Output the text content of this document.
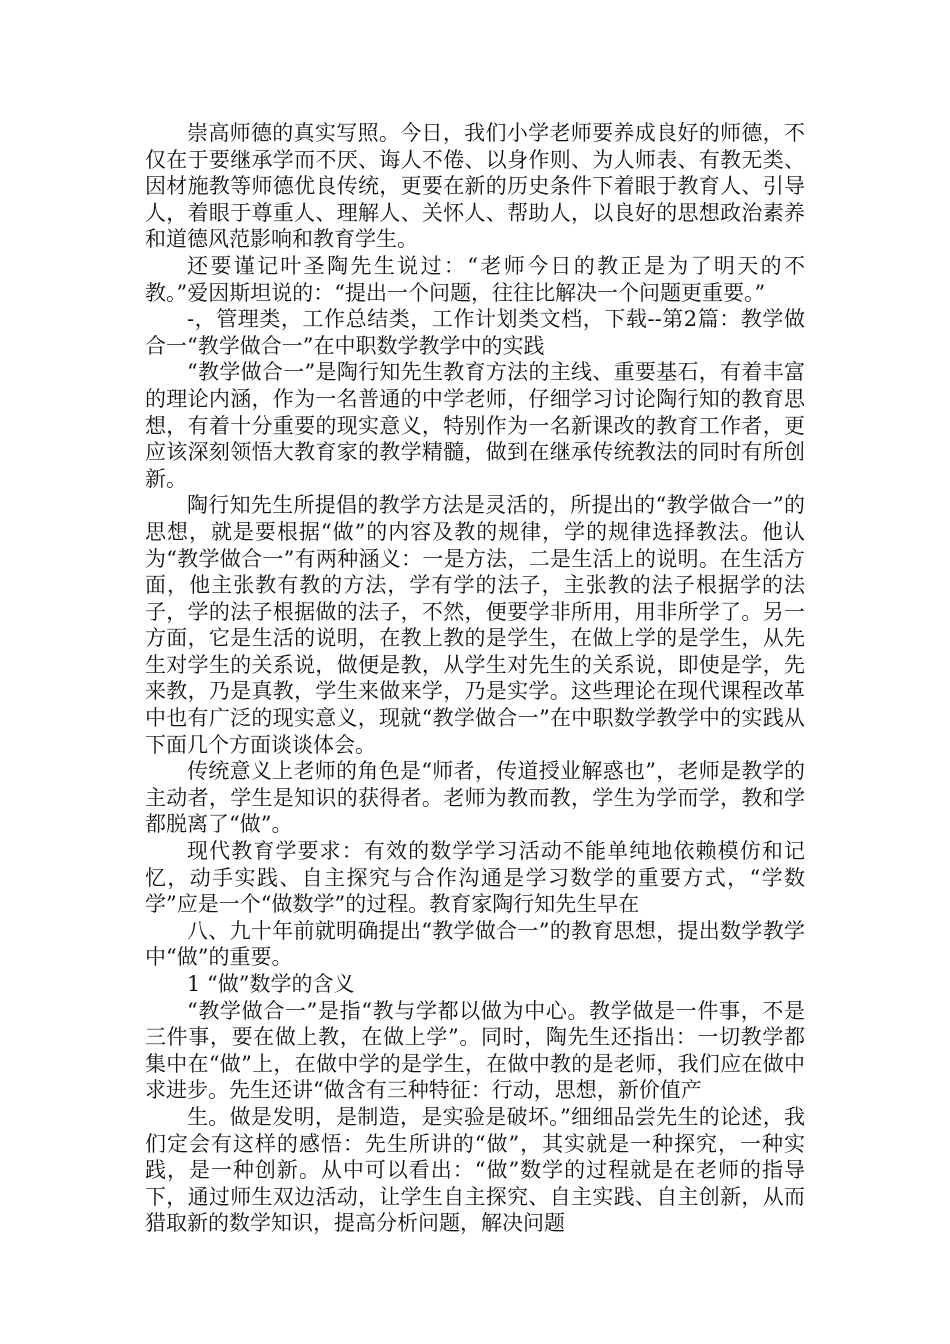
崇高师德的真实写照。今日，我们小学老师要养成良好的师德，不仅在于要继承学而不厌、诲人不倦、以身作则、为人师表、有教无类、因材施教等师德优良传统，更要在新的历史条件下着眼于教育人、引导人，着眼于尊重人、理解人、关怀人、帮助人，以良好的思想政治素养和道德风范影响和教育学生。

还要谨记叶圣陶先生说过：“老师今日的教正是为了明天的不教。”爱因斯坦说的：“提出一个问题，往往比解决一个问题更重要。”

-，管理类，工作总结类，工作计划类文档，下载--第2篇：教学做合一“教学做合一”在中职数学教学中的实践

“教学做合一”是陶行知先生教育方法的主线、重要基石，有着丰富的理论内涵，作为一名普通的中学老师，仔细学习讨论陶行知的教育思想，有着十分重要的现实意义，特别作为一名新课改的教育工作者，更应该深刻领悟大教育家的教学精髓，做到在继承传统教法的同时有所创新。

陶行知先生所提倡的教学方法是灵活的，所提出的“教学做合一”的思想，就是要根据“做”的内容及教的规律，学的规律选择教法。他认为“教学做合一”有两种涵义：一是方法，二是生活上的说明。在生活方面，他主张教有教的方法，学有学的法子，主张教的法子根据学的法子，学的法子根据做的法子，不然，便要学非所用，用非所学了。另一方面，它是生活的说明，在教上教的是学生，在做上学的是学生，从先生对学生的关系说，做便是教，从学生对先生的关系说，即使是学，先来教，乃是真教，学生来做来学，乃是实学。这些理论在现代课程改革中也有广泛的现实意义，现就“教学做合一”在中职数学教学中的实践从下面几个方面谈谈体会。

传统意义上老师的角色是“师者，传道授业解惑也”，老师是教学的主动者，学生是知识的获得者。老师为教而教，学生为学而学，教和学都脱离了“做”。

现代教育学要求：有效的数学学习活动不能单纯地依赖模仿和记忆，动手实践、自主探究与合作沟通是学习数学的重要方式，“学数学”应是一个“做数学”的过程。教育家陶行知先生早在

八、九十年前就明确提出“教学做合一”的教育思想，提出数学教学中“做”的重要。

1 “做”数学的含义

“教学做合一”是指“教与学都以做为中心。教学做是一件事，不是三件事，要在做上教，在做上学”。同时，陶先生还指出：一切教学都集中在“做”上，在做中学的是学生，在做中教的是老师，我们应在做中求进步。先生还讲“做含有三种特征：行动，思想，新价值产

生。做是发明，是制造，是实验是破坏。”细细品尝先生的论述，我们定会有这样的感悟：先生所讲的“做”，其实就是一种探究，一种实践，是一种创新。从中可以看出：“做”数学的过程就是在老师的指导下，通过师生双边活动，让学生自主探究、自主实践、自主创新，从而猎取新的数学知识，提高分析问题，解决问题
